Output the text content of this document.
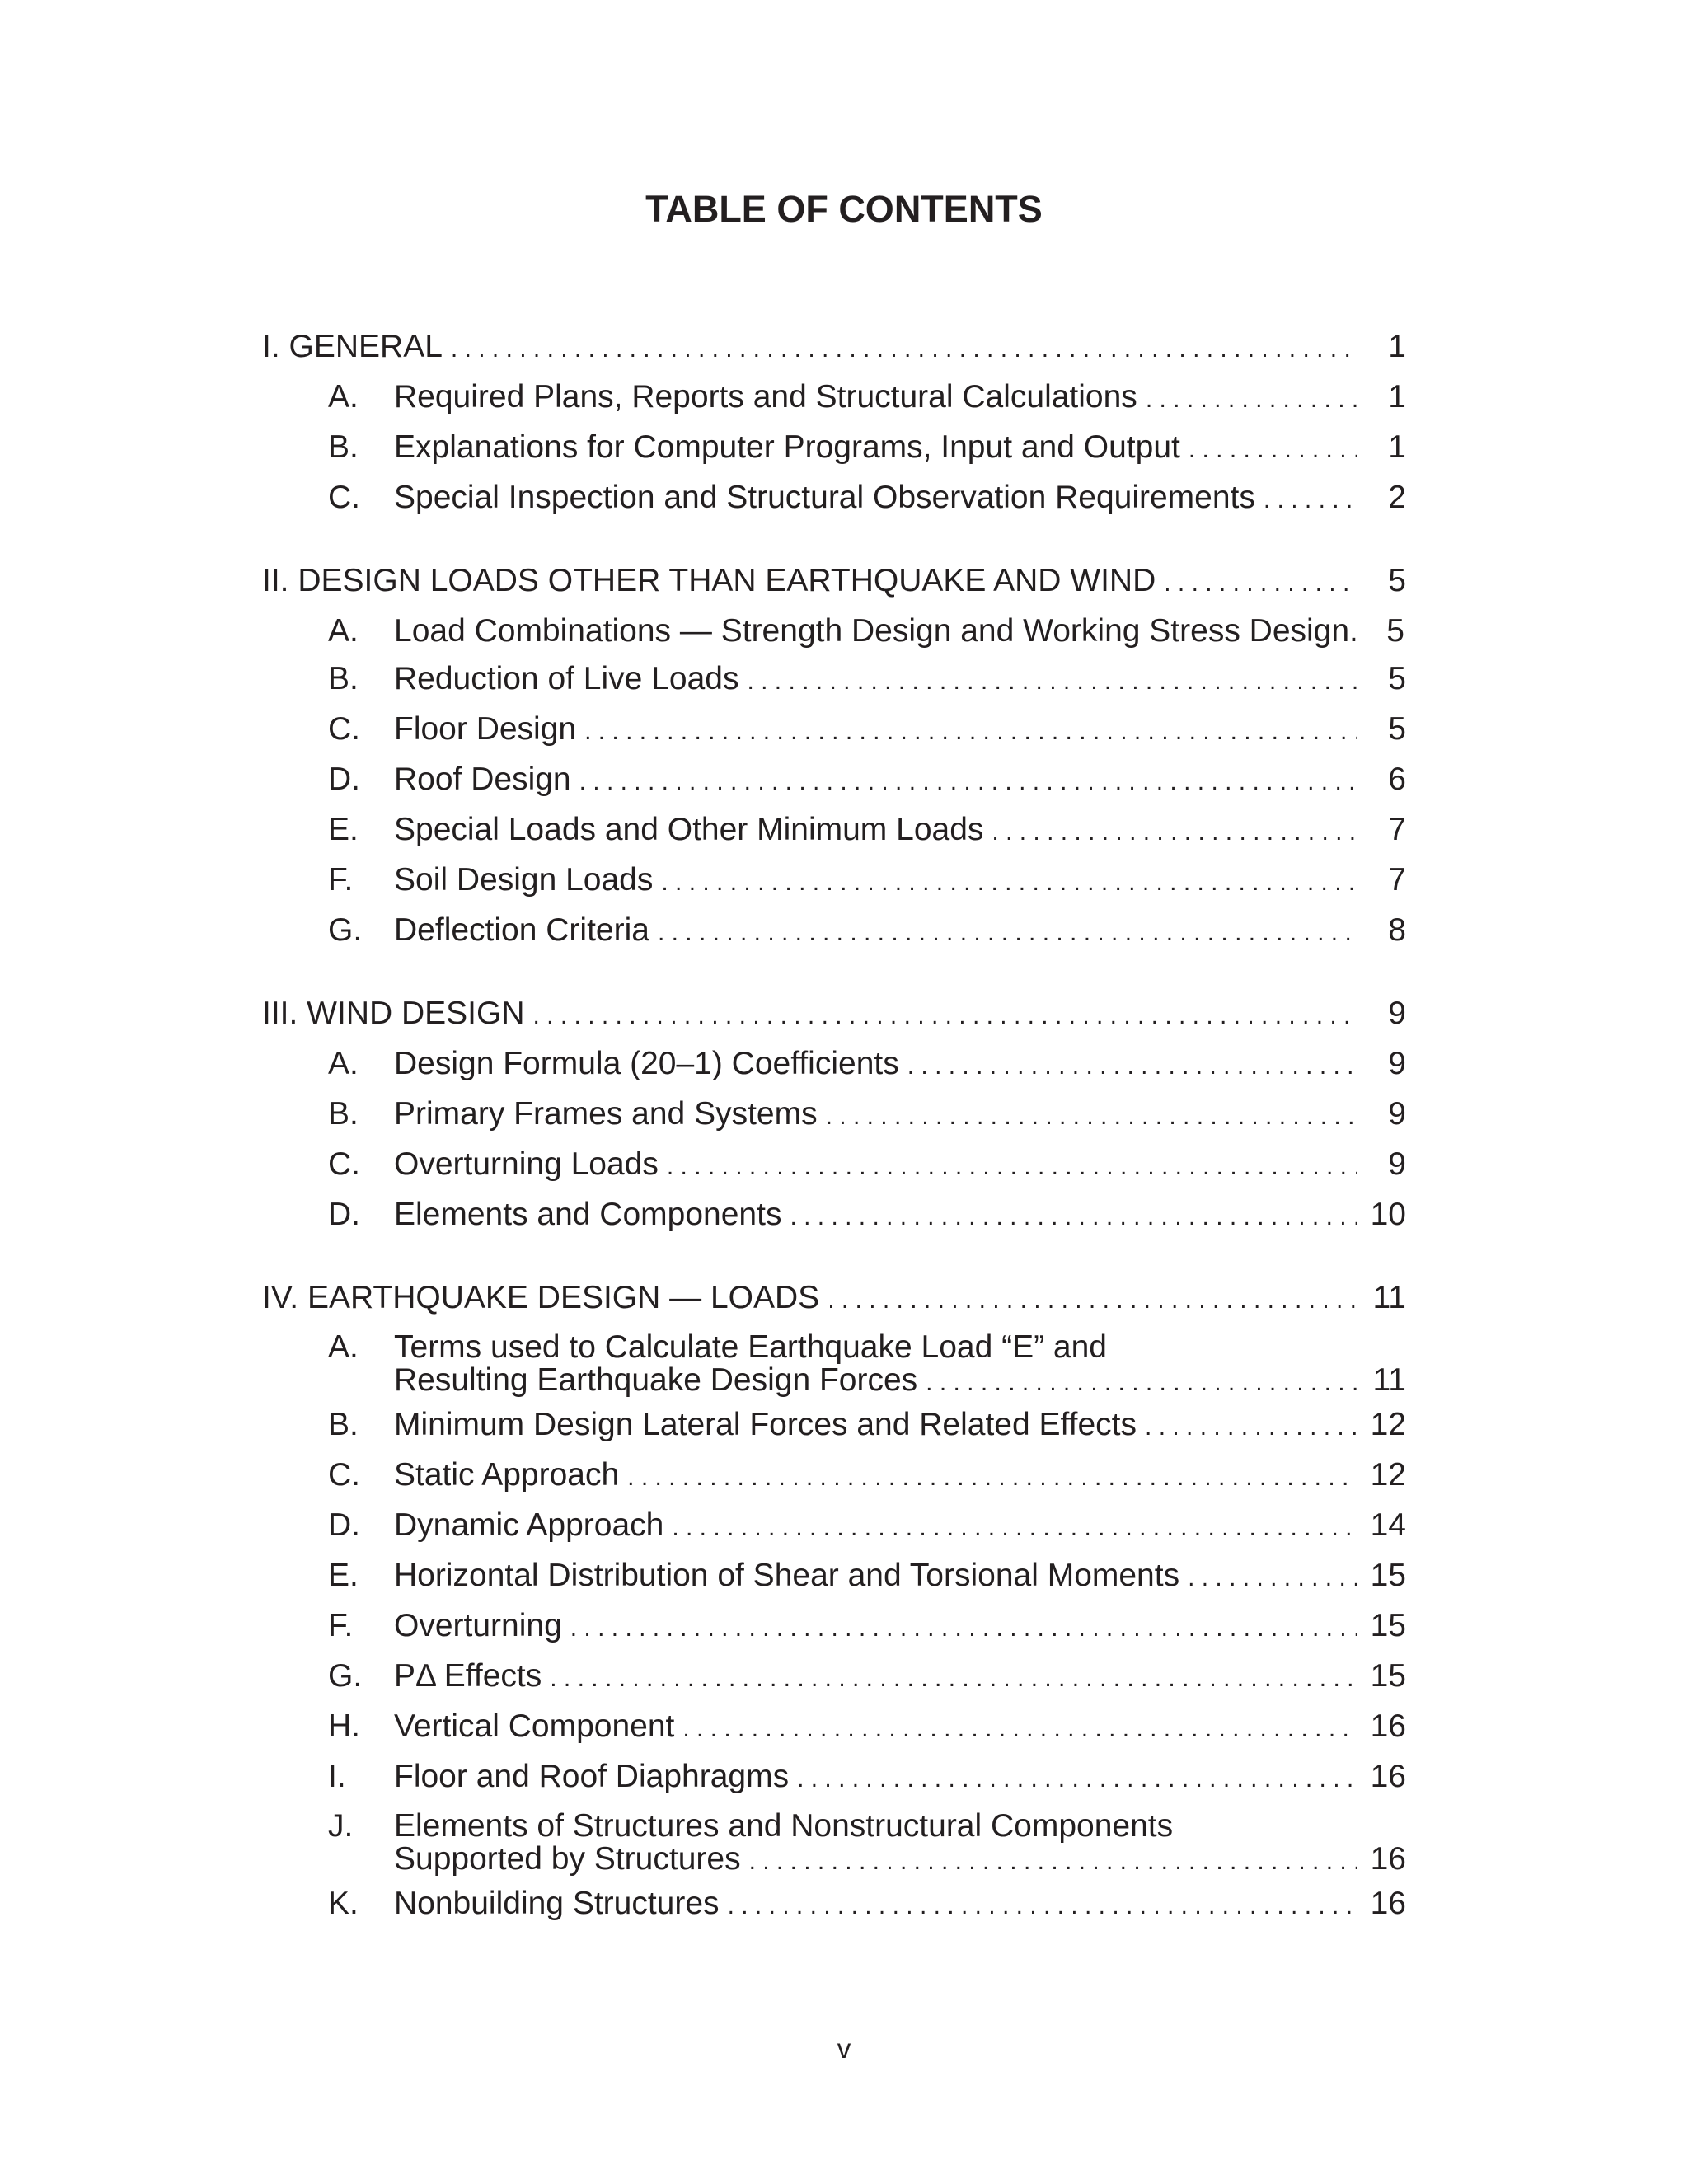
TABLE OF CONTENTS
I. GENERAL . . .	1
A.	Required Plans, Reports and Structural Calculations . . .	1
B.	Explanations for Computer Programs, Input and Output . . .	1
C.	Special Inspection and Structural Observation Requirements . . .	2
II. DESIGN LOADS OTHER THAN EARTHQUAKE AND WIND . . .	5
A.	Load Combinations — Strength Design and Working Stress Design. 5
B.	Reduction of Live Loads . . .	5
C.	Floor Design . . .	5
D.	Roof Design . . .	6
E.	Special Loads and Other Minimum Loads . . .	7
F.	Soil Design Loads . . .	7
G. Deflection Criteria . . .	8
III. WIND DESIGN . . .	9
A.	Design Formula (20–1) Coefficients . . .	9
B.	Primary Frames and Systems . . .	9
C.	Overturning Loads . . .	9
D.	Elements and Components . . .	10
IV. EARTHQUAKE DESIGN — LOADS . . .	11
A.	Terms used to Calculate Earthquake Load “E” and
Resulting Earthquake Design Forces . . .	11
B.	Minimum Design Lateral Forces and Related Effects . . .	12
C.	Static Approach . . .	12
D.	Dynamic Approach . . .	14
E.	Horizontal Distribution of Shear and Torsional Moments . . .	15
F.	Overturning . . .	15
G. PΔ Effects . . .	15
H.	Vertical Component . . .	16
I.	Floor and Roof Diaphragms . . .	16
J.	Elements of Structures and Nonstructural Components
Supported by Structures . . .	16
K.	Nonbuilding Structures . . .	16
v
